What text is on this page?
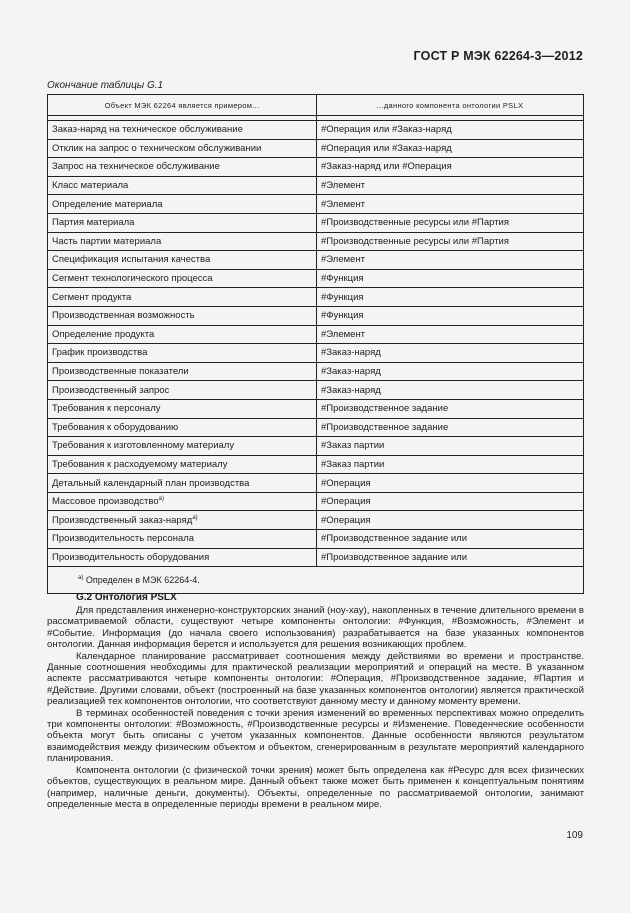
ГОСТ Р МЭК 62264-3—2012
Окончание таблицы G.1
Объект МЭК 62264 является примером...	...данного компонента онтологии PSLX

Заказ-наряд на техническое обслуживание	#Операция или #Заказ-наряд
Отклик на запрос о техническом обслуживании	#Операция или #Заказ-наряд
Запрос на техническое обслуживание	#Заказ-наряд или #Операция
Класс материала	#Элемент
Определение материала	#Элемент
Партия материала	#Производственные ресурсы или #Партия
Часть партии материала	#Производственные ресурсы или #Партия
Спецификация испытания качества	#Элемент
Сегмент технологического процесса	#Функция
Сегмент продукта	#Функция
Производственная возможность	#Функция
Определение продукта	#Элемент
График производства	#Заказ-наряд
Производственные показатели	#Заказ-наряд
Производственный запрос	#Заказ-наряд
Требования к персоналу	#Производственное задание
Требования к оборудованию	#Производственное задание
Требования к изготовленному материалу	#Заказ партии
Требования к расходуемому материалу	#Заказ партии
Детальный календарный план производства	#Операция
Массовое производство$^{а)}$	#Операция
Производственный заказ-наряд$^{а)}$	#Операция
Производительность персонала	#Производственное задание или
Производительность оборудования	#Производственное задание или
$^{а)}$ Определен в МЭК 62264-4.	
G.2 Онтология PSLX

Для представления инженерно-конструкторских знаний (ноу-хау), накопленных в течение длительного времени в рассматриваемой области, существуют четыре компоненты онтологии: #Функция, #Возможность, #Элемент и #Событие. Информация (до начала своего использования) разрабатывается на базе указанных компонентов онтологии. Данная информация берется и используется для решения возникающих проблем.

Календарное планирование рассматривает соотношения между действиями во времени и пространстве. Данные соотношения необходимы для практической реализации мероприятий и операций на месте. В указанном аспекте рассматриваются четыре компоненты онтологии: #Операция, #Производственное задание, #Партия и #Действие. Другими словами, объект (построенный на базе указанных компонентов онтологии) является практической реализацией тех компонентов онтологии, что соответствуют данному месту и данному моменту времени.

В терминах особенностей поведения с точки зрения изменений во временных перспективах можно определить три компоненты онтологии: #Возможность, #Производственные ресурсы и #Изменение. Поведенческие особенности объекта могут быть описаны с учетом указанных компонентов. Данные особенности являются результатом взаимодействия между физическим объектом и объектом, сгенерированным в результате мероприятий календарного планирования.

Компонента онтологии (с физической точки зрения) может быть определена как #Ресурс для всех физических объектов, существующих в реальном мире. Данный объект также может быть применен к концептуальным понятиям (например, наличные деньги, документы). Объекты, определенные по рассматриваемой онтологии, занимают определенные места в определенные периоды времени в реальном мире.

109
